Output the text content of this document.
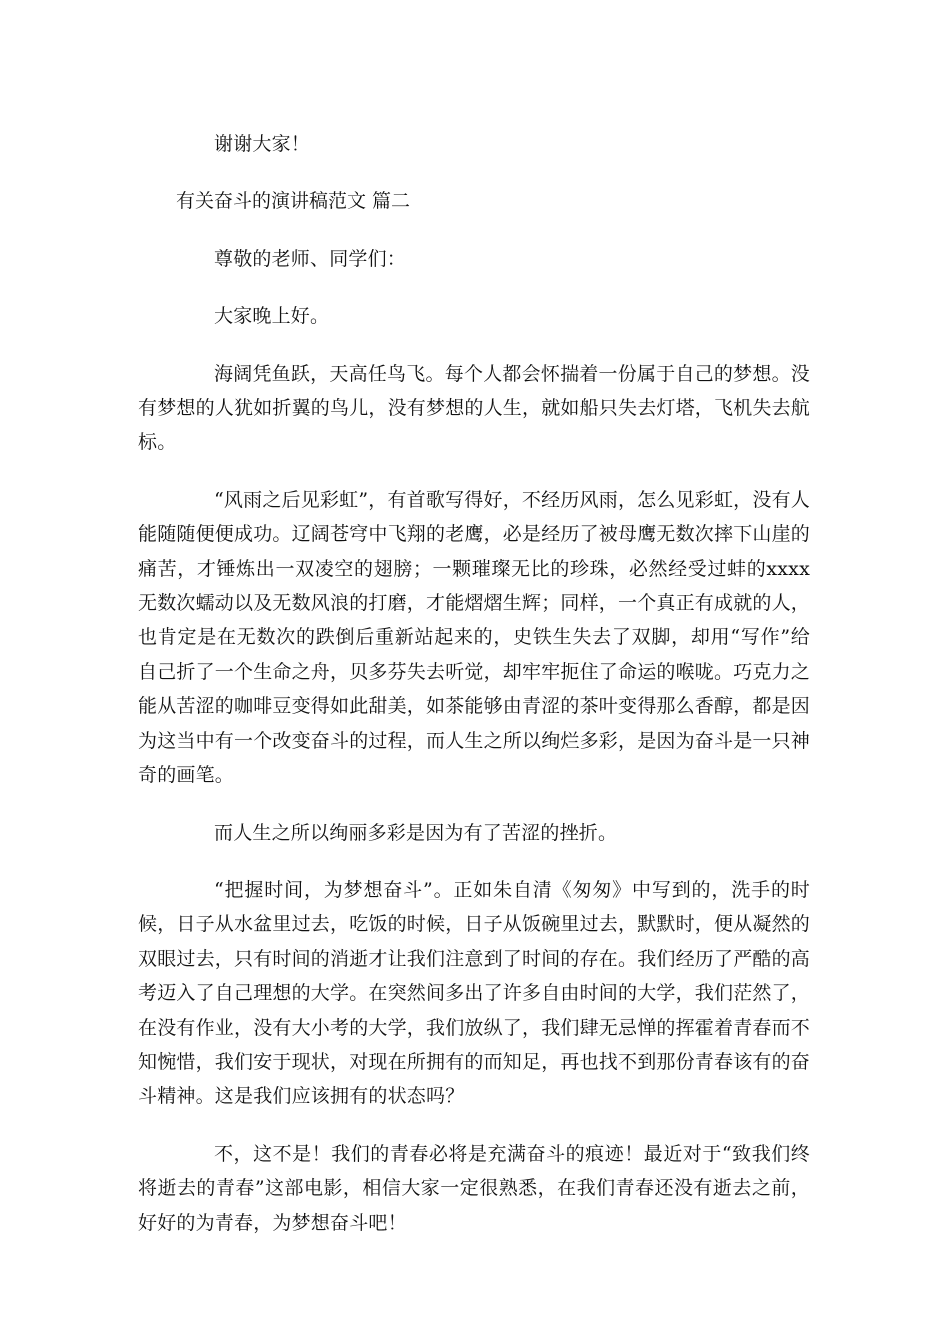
谢谢大家！

有关奋斗的演讲稿范文 篇二

尊敬的老师、同学们：

大家晚上好。

海阔凭鱼跃，天高任鸟飞。每个人都会怀揣着一份属于自己的梦想。没有梦想的人犹如折翼的鸟儿，没有梦想的人生，就如船只失去灯塔，飞机失去航标。

“风雨之后见彩虹”，有首歌写得好，不经历风雨，怎么见彩虹，没有人能随随便便成功。辽阔苍穹中飞翔的老鹰，必是经历了被母鹰无数次摔下山崖的痛苦，才锤炼出一双凌空的翅膀；一颗璀璨无比的珍珠，必然经受过蚌的xxxx无数次蠕动以及无数风浪的打磨，才能熠熠生辉；同样，一个真正有成就的人，也肯定是在无数次的跌倒后重新站起来的，史铁生失去了双脚，却用“写作”给自己折了一个生命之舟，贝多芬失去听觉，却牢牢扼住了命运的喉咙。巧克力之能从苦涩的咖啡豆变得如此甜美，如茶能够由青涩的茶叶变得那么香醇，都是因为这当中有一个改变奋斗的过程，而人生之所以绚烂多彩，是因为奋斗是一只神奇的画笔。

而人生之所以绚丽多彩是因为有了苦涩的挫折。

“把握时间，为梦想奋斗”。正如朱自清《匆匆》中写到的，洗手的时候，日子从水盆里过去，吃饭的时候，日子从饭碗里过去，默默时，便从凝然的双眼过去，只有时间的消逝才让我们注意到了时间的存在。我们经历了严酷的高考迈入了自己理想的大学。在突然间多出了许多自由时间的大学，我们茫然了，在没有作业，没有大小考的大学，我们放纵了，我们肆无忌惮的挥霍着青春而不知惋惜，我们安于现状，对现在所拥有的而知足，再也找不到那份青春该有的奋斗精神。这是我们应该拥有的状态吗？

不，这不是！我们的青春必将是充满奋斗的痕迹！最近对于“致我们终将逝去的青春”这部电影，相信大家一定很熟悉，在我们青春还没有逝去之前，好好的为青春，为梦想奋斗吧！
